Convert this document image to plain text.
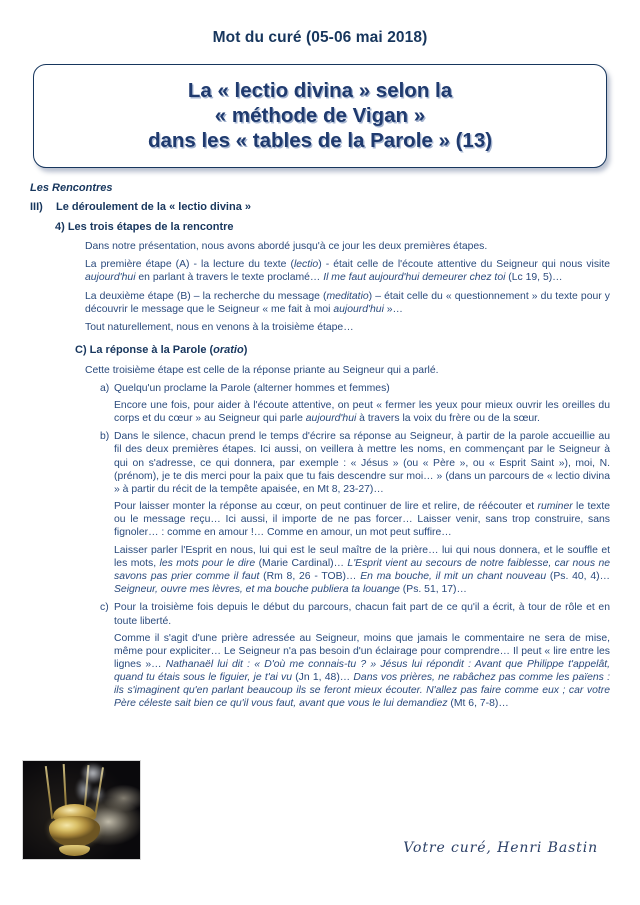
Mot du curé (05-06 mai 2018)
La « lectio divina » selon la
« méthode de Vigan »
dans les « tables de la Parole » (13)

Les Rencontres

III)	Le déroulement de la « lectio divina »

4) Les trois étapes de la rencontre

Dans notre présentation, nous avons abordé jusqu'à ce jour les deux premières étapes.

La première étape (A) - la lecture du texte (lectio) - était celle de l'écoute attentive du Seigneur qui nous visite aujourd'hui en parlant à travers le texte proclamé… Il me faut aujourd'hui demeurer chez toi (Lc 19, 5)…

La deuxième étape (B) – la recherche du message (meditatio) – était celle du « questionnement » du texte pour y découvrir le message que le Seigneur « me fait à moi aujourd'hui »…

Tout naturellement, nous en venons à la troisième étape…

C) La réponse à la Parole (oratio)

Cette troisième étape est celle de la réponse priante au Seigneur qui a parlé.

a) Quelqu'un proclame la Parole (alterner hommes et femmes)

Encore une fois, pour aider à l'écoute attentive, on peut « fermer les yeux pour mieux ouvrir les oreilles du corps et du cœur » au Seigneur qui parle aujourd'hui à travers la voix du frère ou de la sœur.

b) Dans le silence, chacun prend le temps d'écrire sa réponse au Seigneur, à partir de la parole accueillie au fil des deux premières étapes. Ici aussi, on veillera à mettre les noms, en commençant par le Seigneur à qui on s'adresse, ce qui donnera, par exemple : « Jésus » (ou « Père », ou « Esprit Saint »), moi, N. (prénom), je te dis merci pour la paix que tu fais descendre sur moi… » (dans un parcours de « lectio divina » à partir du récit de la tempête apaisée, en Mt 8, 23-27)…

Pour laisser monter la réponse au cœur, on peut continuer de lire et relire, de réécouter et ruminer le texte ou le message reçu… Ici aussi, il importe de ne pas forcer… Laisser venir, sans trop construire, sans fignoler… : comme en amour !… Comme en amour, un mot peut suffire…

Laisser parler l'Esprit en nous, lui qui est le seul maître de la prière… lui qui nous donnera, et le souffle et les mots, les mots pour le dire (Marie Cardinal)… L'Esprit vient au secours de notre faiblesse, car nous ne savons pas prier comme il faut (Rm 8, 26 - TOB)… En ma bouche, il mit un chant nouveau (Ps. 40, 4)… Seigneur, ouvre mes lèvres, et ma bouche publiera ta louange (Ps. 51, 17)…

c) Pour la troisième fois depuis le début du parcours, chacun fait part de ce qu'il a écrit, à tour de rôle et en toute liberté.

Comme il s'agit d'une prière adressée au Seigneur, moins que jamais le commentaire ne sera de mise, même pour expliciter… Le Seigneur n'a pas besoin d'un éclairage pour comprendre… Il peut « lire entre les lignes »… Nathanaël lui dit : « D'où me connais-tu ? » Jésus lui répondit : Avant que Philippe t'appelât, quand tu étais sous le figuier, je t'ai vu (Jn 1, 48)… Dans vos prières, ne rabâchez pas comme les païens : ils s'imaginent qu'en parlant beaucoup ils se feront mieux écouter. N'allez pas faire comme eux ; car votre Père céleste sait bien ce qu'il vous faut, avant que vous le lui demandiez (Mt 6, 7-8)…

Votre curé, Henri Bastin
